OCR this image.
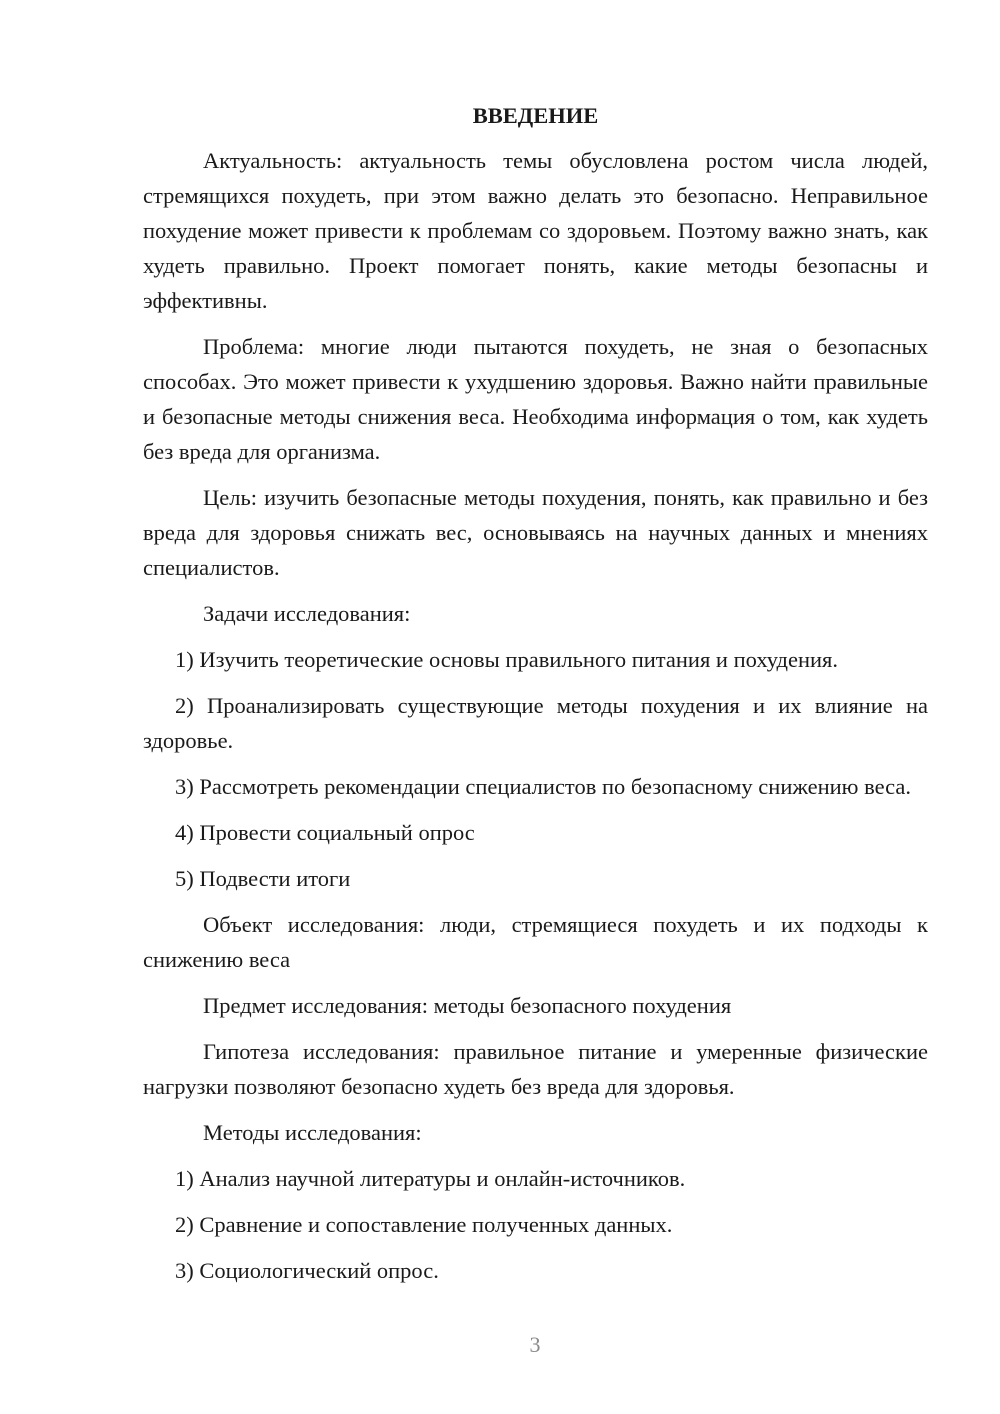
ВВЕДЕНИЕ

Актуальность: актуальность темы обусловлена ростом числа людей, стремящихся похудеть, при этом важно делать это безопасно. Неправильное похудение может привести к проблемам со здоровьем. Поэтому важно знать, как худеть правильно. Проект помогает понять, какие методы безопасны и эффективны.

Проблема: многие люди пытаются похудеть, не зная о безопасных способах. Это может привести к ухудшению здоровья. Важно найти правильные и безопасные методы снижения веса. Необходима информация о том, как худеть без вреда для организма.

Цель: изучить безопасные методы похудения, понять, как правильно и без вреда для здоровья снижать вес, основываясь на научных данных и мнениях специалистов.

Задачи исследования:

1) Изучить теоретические основы правильного питания и похудения.

2) Проанализировать существующие методы похудения и их влияние на здоровье.

3) Рассмотреть рекомендации специалистов по безопасному снижению веса.

4) Провести социальный опрос

5) Подвести итоги

Объект исследования: люди, стремящиеся похудеть и их подходы к снижению веса

Предмет исследования: методы безопасного похудения

Гипотеза исследования: правильное питание и умеренные физические нагрузки позволяют безопасно худеть без вреда для здоровья.

Методы исследования:

1) Анализ научной литературы и онлайн-источников.

2) Сравнение и сопоставление полученных данных.

3) Социологический опрос.

3
